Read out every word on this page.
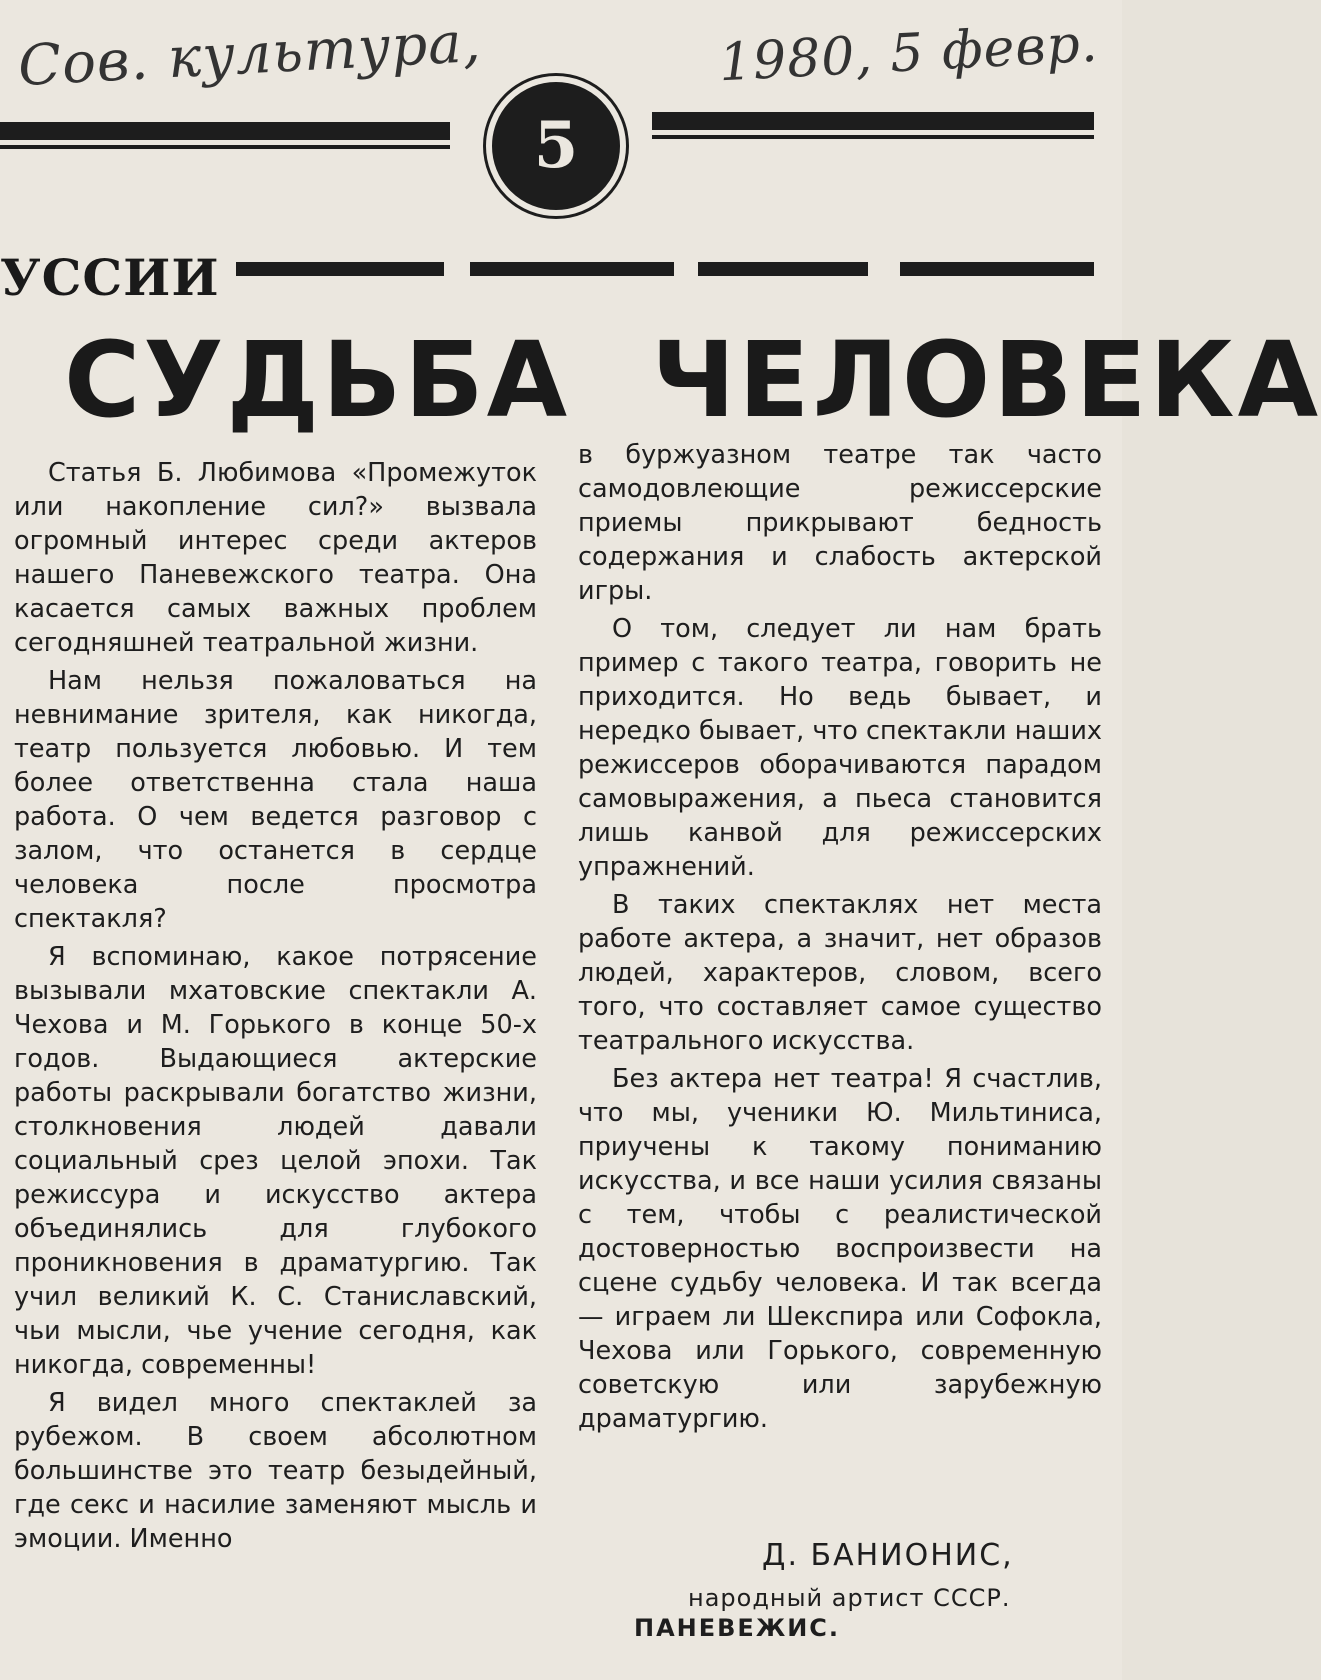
Сов. культура,	1980, 5 февр.
5
УССИИ
СУДЬБА ЧЕЛОВЕКА

Статья Б. Любимова «Промежуток или накопление сил?» вызвала огромный интерес среди актеров нашего Паневежского театра. Она касается самых важных проблем сегодняшней театральной жизни.

Нам нельзя пожаловаться на невнимание зрителя, как никогда, театр пользуется любовью. И тем более ответственна стала наша работа. О чем ведется разговор с залом, что останется в сердце человека после просмотра спектакля?

Я вспоминаю, какое потрясение вызывали мхатовские спектакли А. Чехова и М. Горького в конце 50-х годов. Выдающиеся актерские работы раскрывали богатство жизни, столкновения людей давали социальный срез целой эпохи. Так режиссура и искусство актера объединялись для глубокого проникновения в драматургию. Так учил великий К. С. Станиславский, чьи мысли, чье учение сегодня, как никогда, современны!

Я видел много спектаклей за рубежом. В своем абсолютном большинстве это театр безыдейный, где секс и насилие заменяют мысль и эмоции. Именно

в буржуазном театре так часто самодовлеющие режиссерские приемы прикрывают бедность содержания и слабость актерской игры.

О том, следует ли нам брать пример с такого театра, говорить не приходится. Но ведь бывает, и нередко бывает, что спектакли наших режиссеров оборачиваются парадом самовыражения, а пьеса становится лишь канвой для режиссерских упражнений.

В таких спектаклях нет места работе актера, а значит, нет образов людей, характеров, словом, всего того, что составляет самое существо театрального искусства.

Без актера нет театра! Я счастлив, что мы, ученики Ю. Мильтиниса, приучены к такому пониманию искусства, и все наши усилия связаны с тем, чтобы с реалистической достоверностью воспроизвести на сцене судьбу человека. И так всегда — играем ли Шекспира или Софокла, Чехова или Горького, современную советскую или зарубежную драматургию.

Д. БАНИОНИС,
народный артист СССР.
ПАНЕВЕЖИС.
